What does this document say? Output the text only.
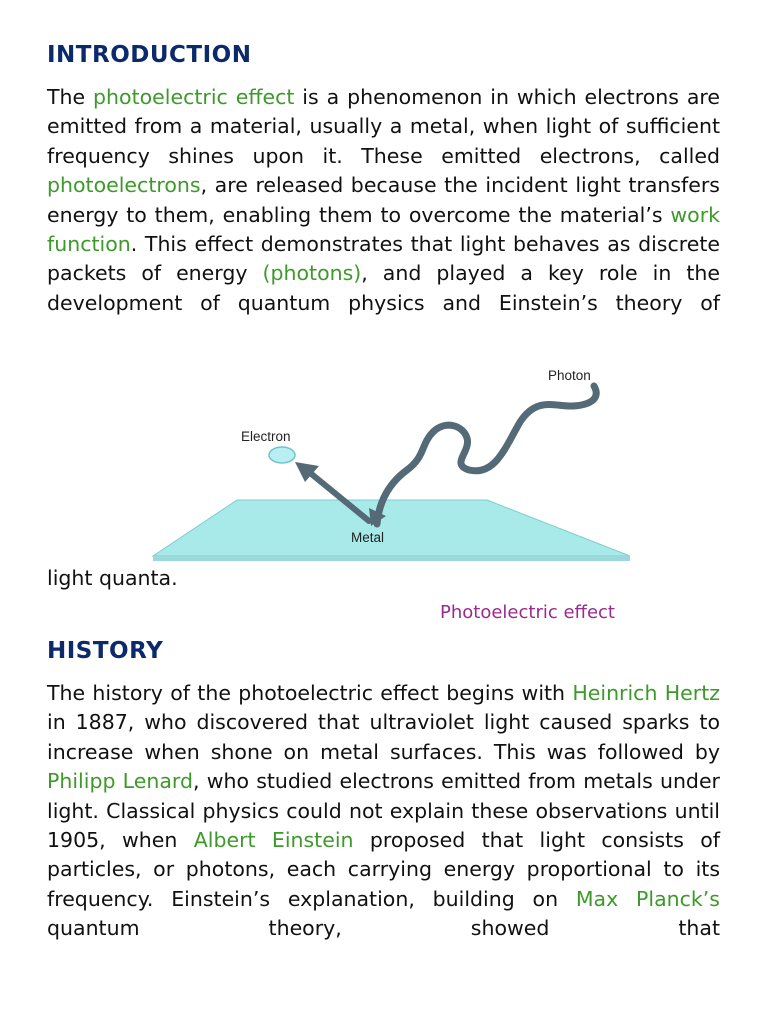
INTRODUCTION

The photoelectric effect is a phenomenon in which electrons are emitted from a material, usually a metal, when light of sufficient frequency shines upon it. These emitted electrons, called photoelectrons, are released because the incident light transfers energy to them, enabling them to overcome the material’s work function. This effect demonstrates that light behaves as discrete packets of energy (photons), and played a key role in the development of quantum physics and Einstein’s theory of

Photon
Electron
Metal

light quanta.

Photoelectric effect
HISTORY

The history of the photoelectric effect begins with Heinrich Hertz in 1887, who discovered that ultraviolet light caused sparks to increase when shone on metal surfaces. This was followed by Philipp Lenard, who studied electrons emitted from metals under light. Classical physics could not explain these observations until 1905, when Albert Einstein proposed that light consists of particles, or photons, each carrying energy proportional to its frequency. Einstein’s explanation, building on Max Planck’s quantum theory, showed that
